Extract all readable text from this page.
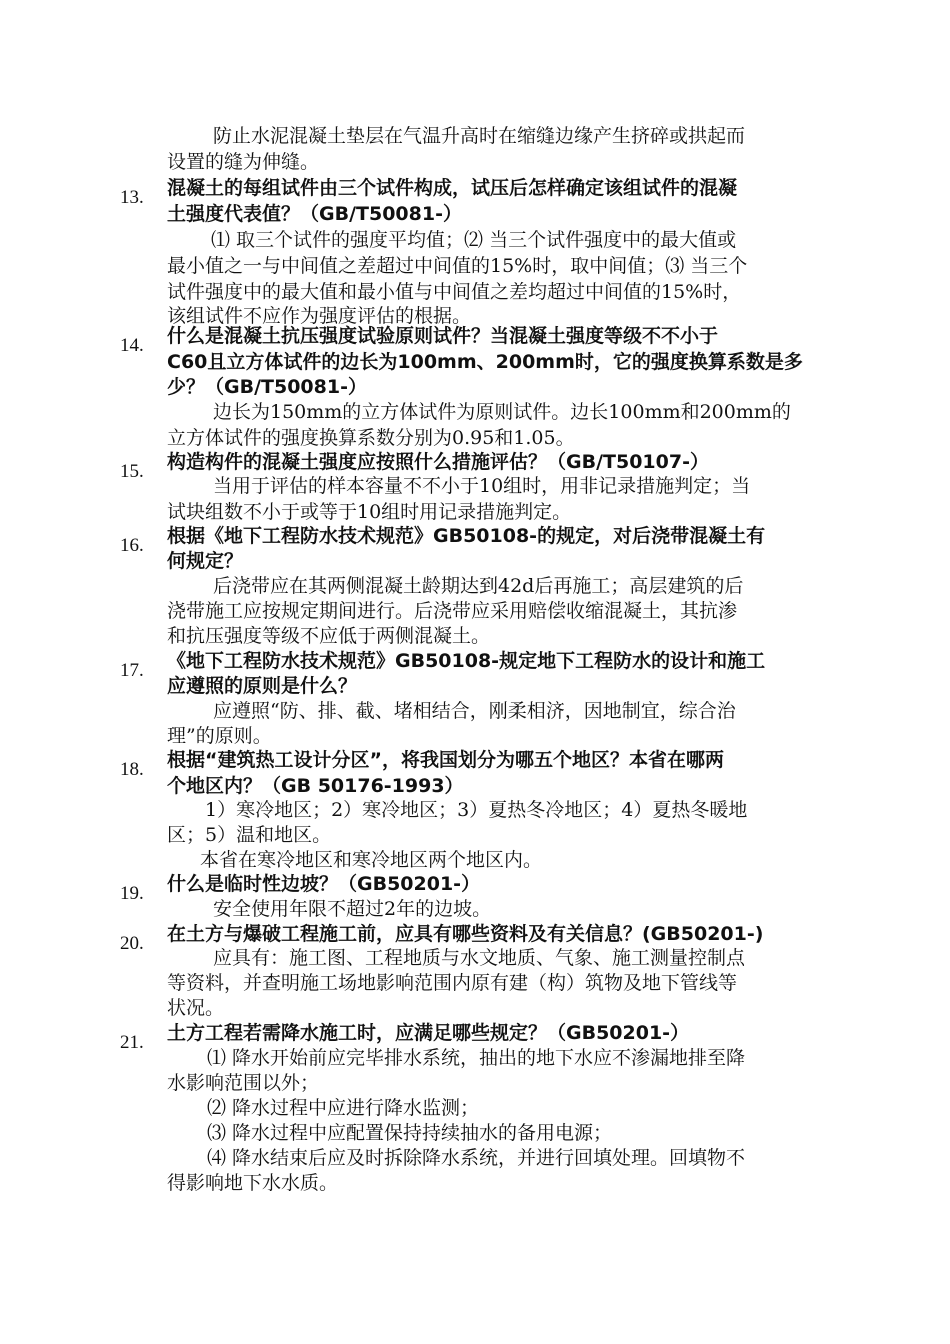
防止水泥混凝土垫层在气温升高时在缩缝边缘产生挤碎或拱起而
设置的缝为伸缝。
13. 混凝土的每组试件由三个试件构成，试压后怎样确定该组试件的混凝
土强度代表值？（GB/T50081-）
⑴ 取三个试件的强度平均值；⑵ 当三个试件强度中的最大值或
最小值之一与中间值之差超过中间值的15%时，取中间值；⑶ 当三个
试件强度中的最大值和最小值与中间值之差均超过中间值的15%时，
该组试件不应作为强度评估的根据。
14. 什么是混凝土抗压强度试验原则试件？当混凝土强度等级不不小于
C60且立方体试件的边长为100mm、200mm时，它的强度换算系数是多
少？（GB/T50081-）
边长为150mm的立方体试件为原则试件。边长100mm和200mm的
立方体试件的强度换算系数分别为0.95和1.05。
15. 构造构件的混凝土强度应按照什么措施评估？（GB/T50107-）
当用于评估的样本容量不不小于10组时，用非记录措施判定；当
试块组数不小于或等于10组时用记录措施判定。
16. 根据《地下工程防水技术规范》GB50108-的规定，对后浇带混凝土有
何规定？
后浇带应在其两侧混凝土龄期达到42d后再施工；高层建筑的后
浇带施工应按规定期间进行。后浇带应采用赔偿收缩混凝土，其抗渗
和抗压强度等级不应低于两侧混凝土。
17. 《地下工程防水技术规范》GB50108-规定地下工程防水的设计和施工
应遵照的原则是什么？
应遵照“防、排、截、堵相结合，刚柔相济，因地制宜，综合治
理”的原则。
18. 根据“建筑热工设计分区”，将我国划分为哪五个地区？本省在哪两
个地区内？（GB 50176-1993）
1）寒冷地区；2）寒冷地区；3）夏热冬冷地区；4）夏热冬暖地
区；5）温和地区。
本省在寒冷地区和寒冷地区两个地区内。
19. 什么是临时性边坡？（GB50201-）
安全使用年限不超过2年的边坡。
20. 在土方与爆破工程施工前，应具有哪些资料及有关信息？(GB50201-)
应具有：施工图、工程地质与水文地质、气象、施工测量控制点
等资料，并查明施工场地影响范围内原有建（构）筑物及地下管线等
状况。
21. 土方工程若需降水施工时，应满足哪些规定？（GB50201-）
⑴ 降水开始前应完毕排水系统，抽出的地下水应不渗漏地排至降
水影响范围以外；
⑵ 降水过程中应进行降水监测；
⑶ 降水过程中应配置保持持续抽水的备用电源；
⑷ 降水结束后应及时拆除降水系统，并进行回填处理。回填物不
得影响地下水水质。
